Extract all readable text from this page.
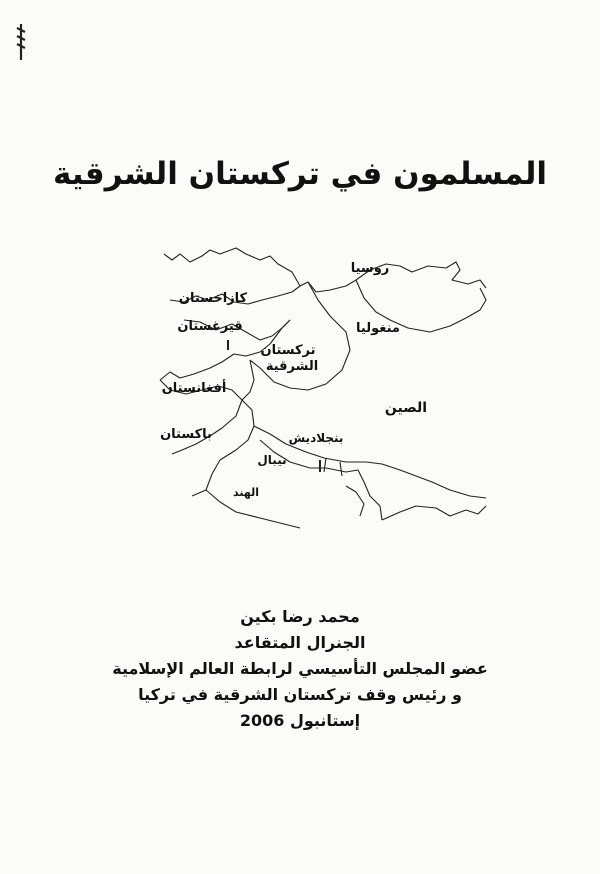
المسلمون في تركستان الشرقية
روسيا
كازاخستان
قيرغستان
تركستان
الشرقية
منغوليا
أفغانستان
الصين
باكستان	بنجلاديش
نيبال
الهند
محمد رضا بكين
الجنرال المتقاعد
عضو المجلس التأسيسي لرابطة العالم الإسلامية
و رئيس وقف تركستان الشرقية في تركيا
إستانبول 2006
